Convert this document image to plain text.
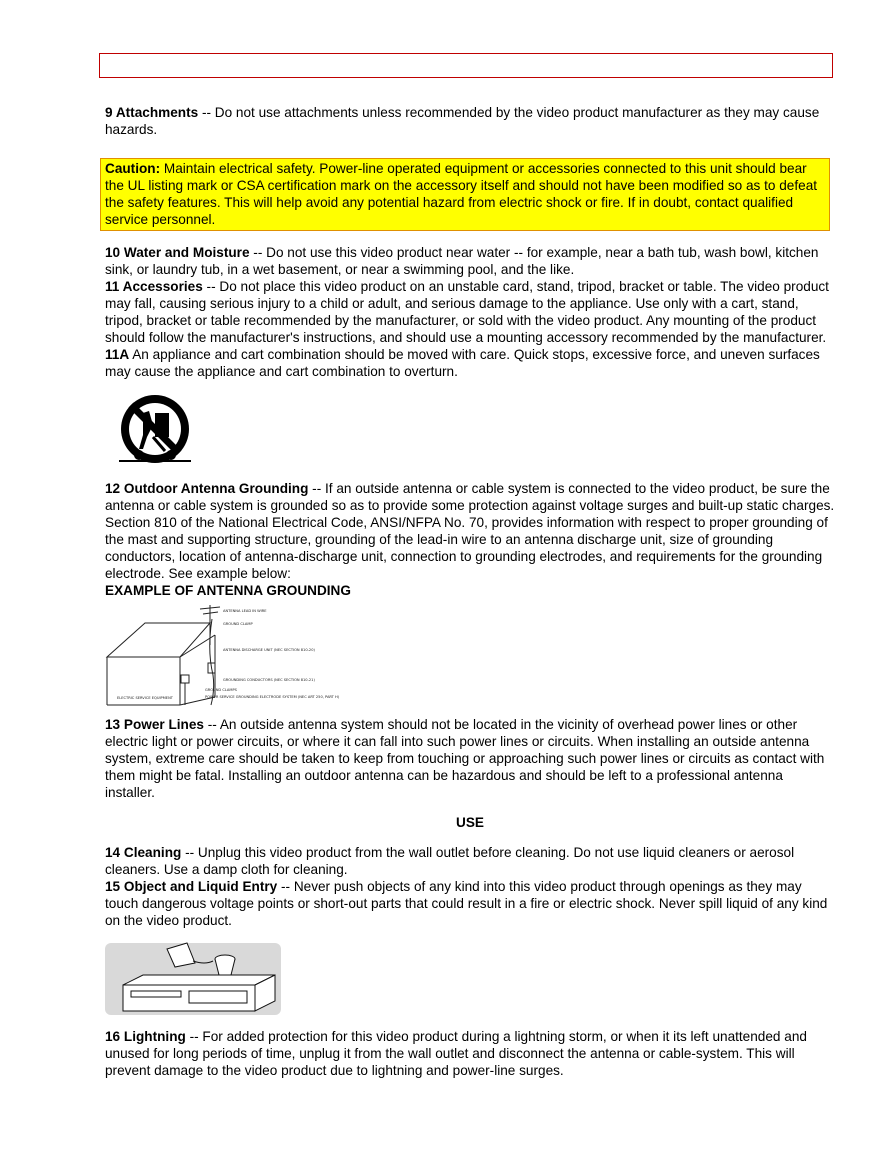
9 Attachments -- Do not use attachments unless recommended by the video product manufacturer as they may cause hazards.

Caution: Maintain electrical safety. Power-line operated equipment or accessories connected to this unit should bear the UL listing mark or CSA certification mark on the accessory itself and should not have been modified so as to defeat the safety features. This will help avoid any potential hazard from electric shock or fire. If in doubt, contact qualified service personnel.

10 Water and Moisture -- Do not use this video product near water -- for example, near a bath tub, wash bowl, kitchen sink, or laundry tub, in a wet basement, or near a swimming pool, and the like.

11 Accessories -- Do not place this video product on an unstable card, stand, tripod, bracket or table. The video product may fall, causing serious injury to a child or adult, and serious damage to the appliance. Use only with a cart, stand, tripod, bracket or table recommended by the manufacturer, or sold with the video product. Any mounting of the product should follow the manufacturer's instructions, and should use a mounting accessory recommended by the manufacturer.

11A An appliance and cart combination should be moved with care. Quick stops, excessive force, and uneven surfaces may cause the appliance and cart combination to overturn.

12 Outdoor Antenna Grounding -- If an outside antenna or cable system is connected to the video product, be sure the antenna or cable system is grounded so as to provide some protection against voltage surges and built-up static charges. Section 810 of the National Electrical Code, ANSI/NFPA No. 70, provides information with respect to proper grounding of the mast and supporting structure, grounding of the lead-in wire to an antenna discharge unit, size of grounding conductors, location of antenna-discharge unit, connection to grounding electrodes, and requirements for the grounding electrode. See example below:

EXAMPLE OF ANTENNA GROUNDING

ANTENNA LEAD IN WIRE
GROUND CLAMP
ANTENNA DISCHARGE UNIT (NEC SECTION 810-20)
GROUNDING CONDUCTORS (NEC SECTION 810-21)
GROUND CLAMPS
POWER SERVICE GROUNDING ELECTRODE SYSTEM (NEC ART 250, PART H)
ELECTRIC SERVICE EQUIPMENT

13 Power Lines -- An outside antenna system should not be located in the vicinity of overhead power lines or other electric light or power circuits, or where it can fall into such power lines or circuits. When installing an outside antenna system, extreme care should be taken to keep from touching or approaching such power lines or circuits as contact with them might be fatal. Installing an outdoor antenna can be hazardous and should be left to a professional antenna installer.

USE

14 Cleaning -- Unplug this video product from the wall outlet before cleaning. Do not use liquid cleaners or aerosol cleaners. Use a damp cloth for cleaning.

15 Object and Liquid Entry -- Never push objects of any kind into this video product through openings as they may touch dangerous voltage points or short-out parts that could result in a fire or electric shock. Never spill liquid of any kind on the video product.

16 Lightning -- For added protection for this video product during a lightning storm, or when it its left unattended and unused for long periods of time, unplug it from the wall outlet and disconnect the antenna or cable-system. This will prevent damage to the video product due to lightning and power-line surges.
